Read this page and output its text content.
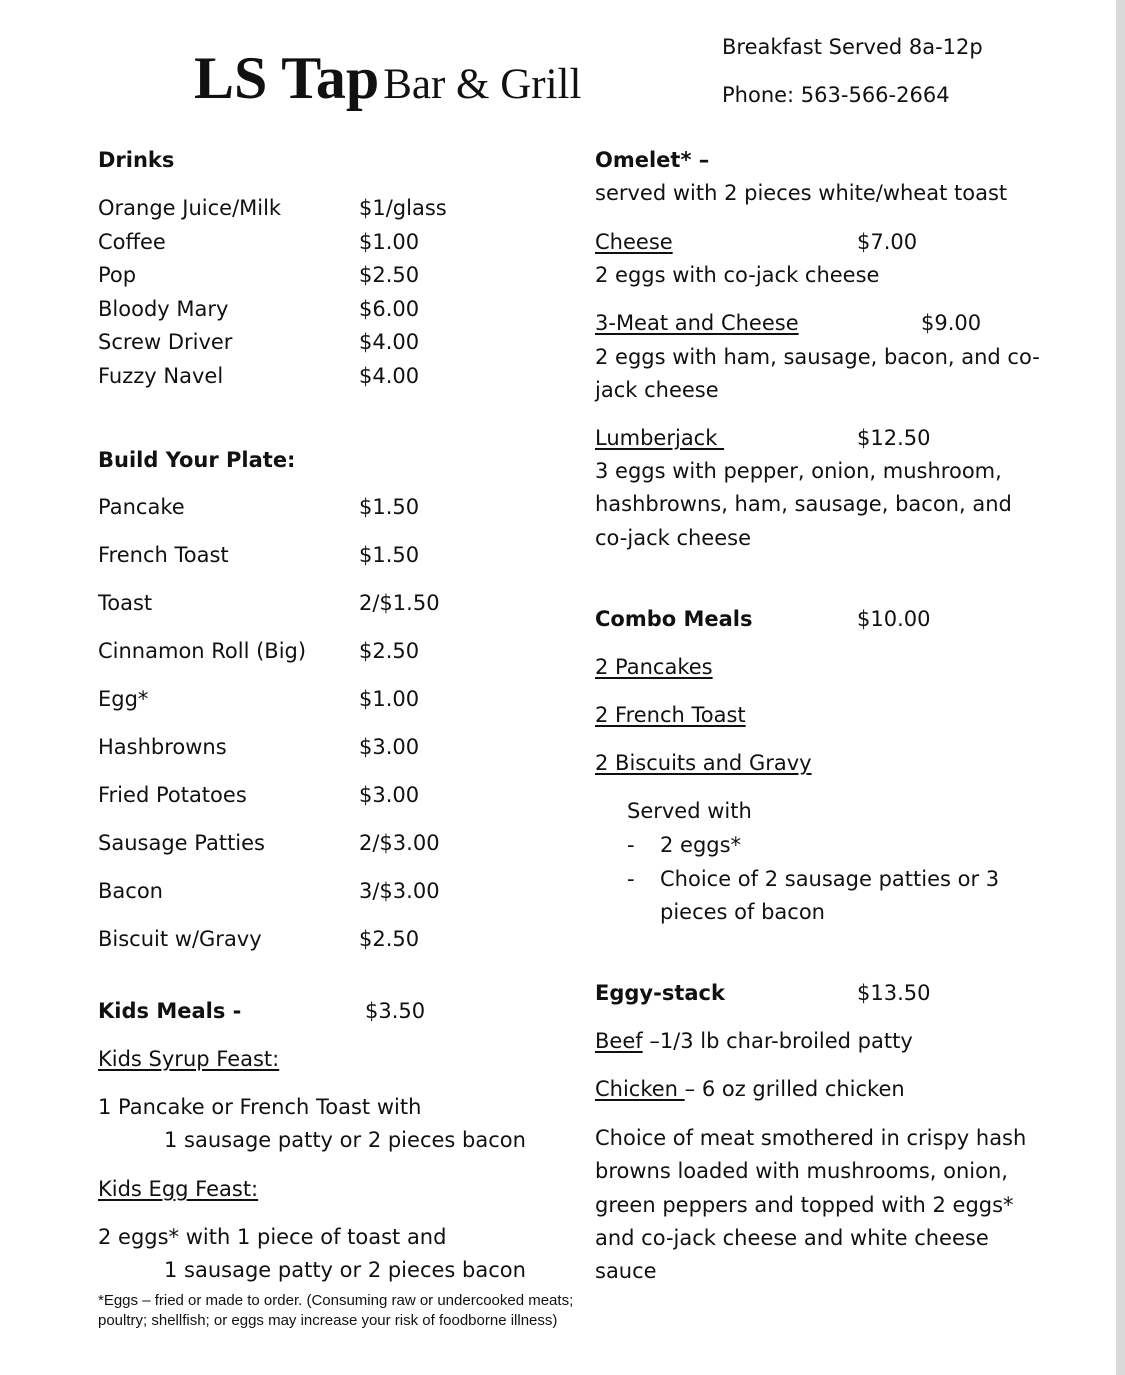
LS Tap Bar & Grill
Breakfast Served 8a-12p
Phone: 563-566-2664
Drinks
Orange Juice/Milk	$1/glass
Coffee	$1.00
Pop	$2.50
Bloody Mary	$6.00
Screw Driver	$4.00
Fuzzy Navel	$4.00
Build Your Plate:
Pancake	$1.50
French Toast	$1.50
Toast	2/$1.50
Cinnamon Roll (Big)	$2.50
Egg*	$1.00
Hashbrowns	$3.00
Fried Potatoes	$3.00
Sausage Patties	2/$3.00
Bacon	3/$3.00
Biscuit w/Gravy	$2.50
Kids Meals -	$3.50
Kids Syrup Feast:
1 Pancake or French Toast with
1 sausage patty or 2 pieces bacon
Kids Egg Feast:
2 eggs* with 1 piece of toast and
1 sausage patty or 2 pieces bacon
*Eggs – fried or made to order. (Consuming raw or undercooked meats;
poultry; shellfish; or eggs may increase your risk of foodborne illness)
Omelet* –
served with 2 pieces white/wheat toast
Cheese	$7.00
2 eggs with co-jack cheese
3-Meat and Cheese	$9.00
2 eggs with ham, sausage, bacon, and co-
jack cheese
Lumberjack	$12.50
3 eggs with pepper, onion, mushroom,
hashbrowns, ham, sausage, bacon, and
co-jack cheese
Combo Meals	$10.00
2 Pancakes
2 French Toast
2 Biscuits and Gravy
Served with
- 2 eggs*
- Choice of 2 sausage patties or 3
pieces of bacon
Eggy-stack	$13.50
Beef –1/3 lb char-broiled patty
Chicken – 6 oz grilled chicken
Choice of meat smothered in crispy hash
browns loaded with mushrooms, onion,
green peppers and topped with 2 eggs*
and co-jack cheese and white cheese
sauce
